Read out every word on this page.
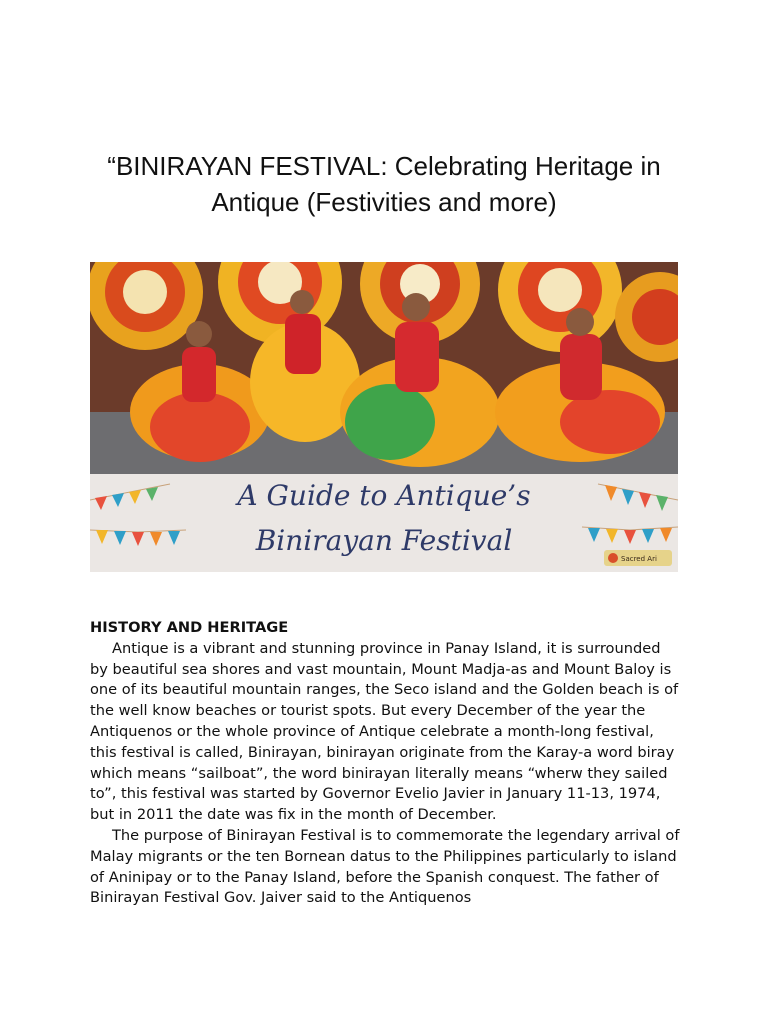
“BINIRAYAN FESTIVAL: Celebrating Heritage in Antique (Festivities and more)
A Guide to Antique’s
Binirayan Festival
Sacred Ari

HISTORY AND HERITAGE

Antique is a vibrant and stunning province in Panay Island, it is surrounded by beautiful sea shores and vast mountain, Mount Madja-as and Mount Baloy is one of its beautiful mountain ranges, the Seco island and the Golden beach is of the well know beaches or tourist spots. But every December of the year the Antiquenos or the whole province of Antique celebrate a month-long festival, this festival is called, Binirayan, binirayan originate from the Karay-a word biray which means “sailboat”, the word binirayan literally means “wherw they sailed to”, this festival was started by Governor Evelio Javier in January 11-13, 1974, but in 2011 the date was fix in the month of December.

The purpose of Binirayan Festival is to commemorate the legendary arrival of Malay migrants or the ten Bornean datus to the Philippines particularly to island of Aninipay or to the Panay Island, before the Spanish conquest. The father of Binirayan Festival Gov. Jaiver said to the Antiquenos
